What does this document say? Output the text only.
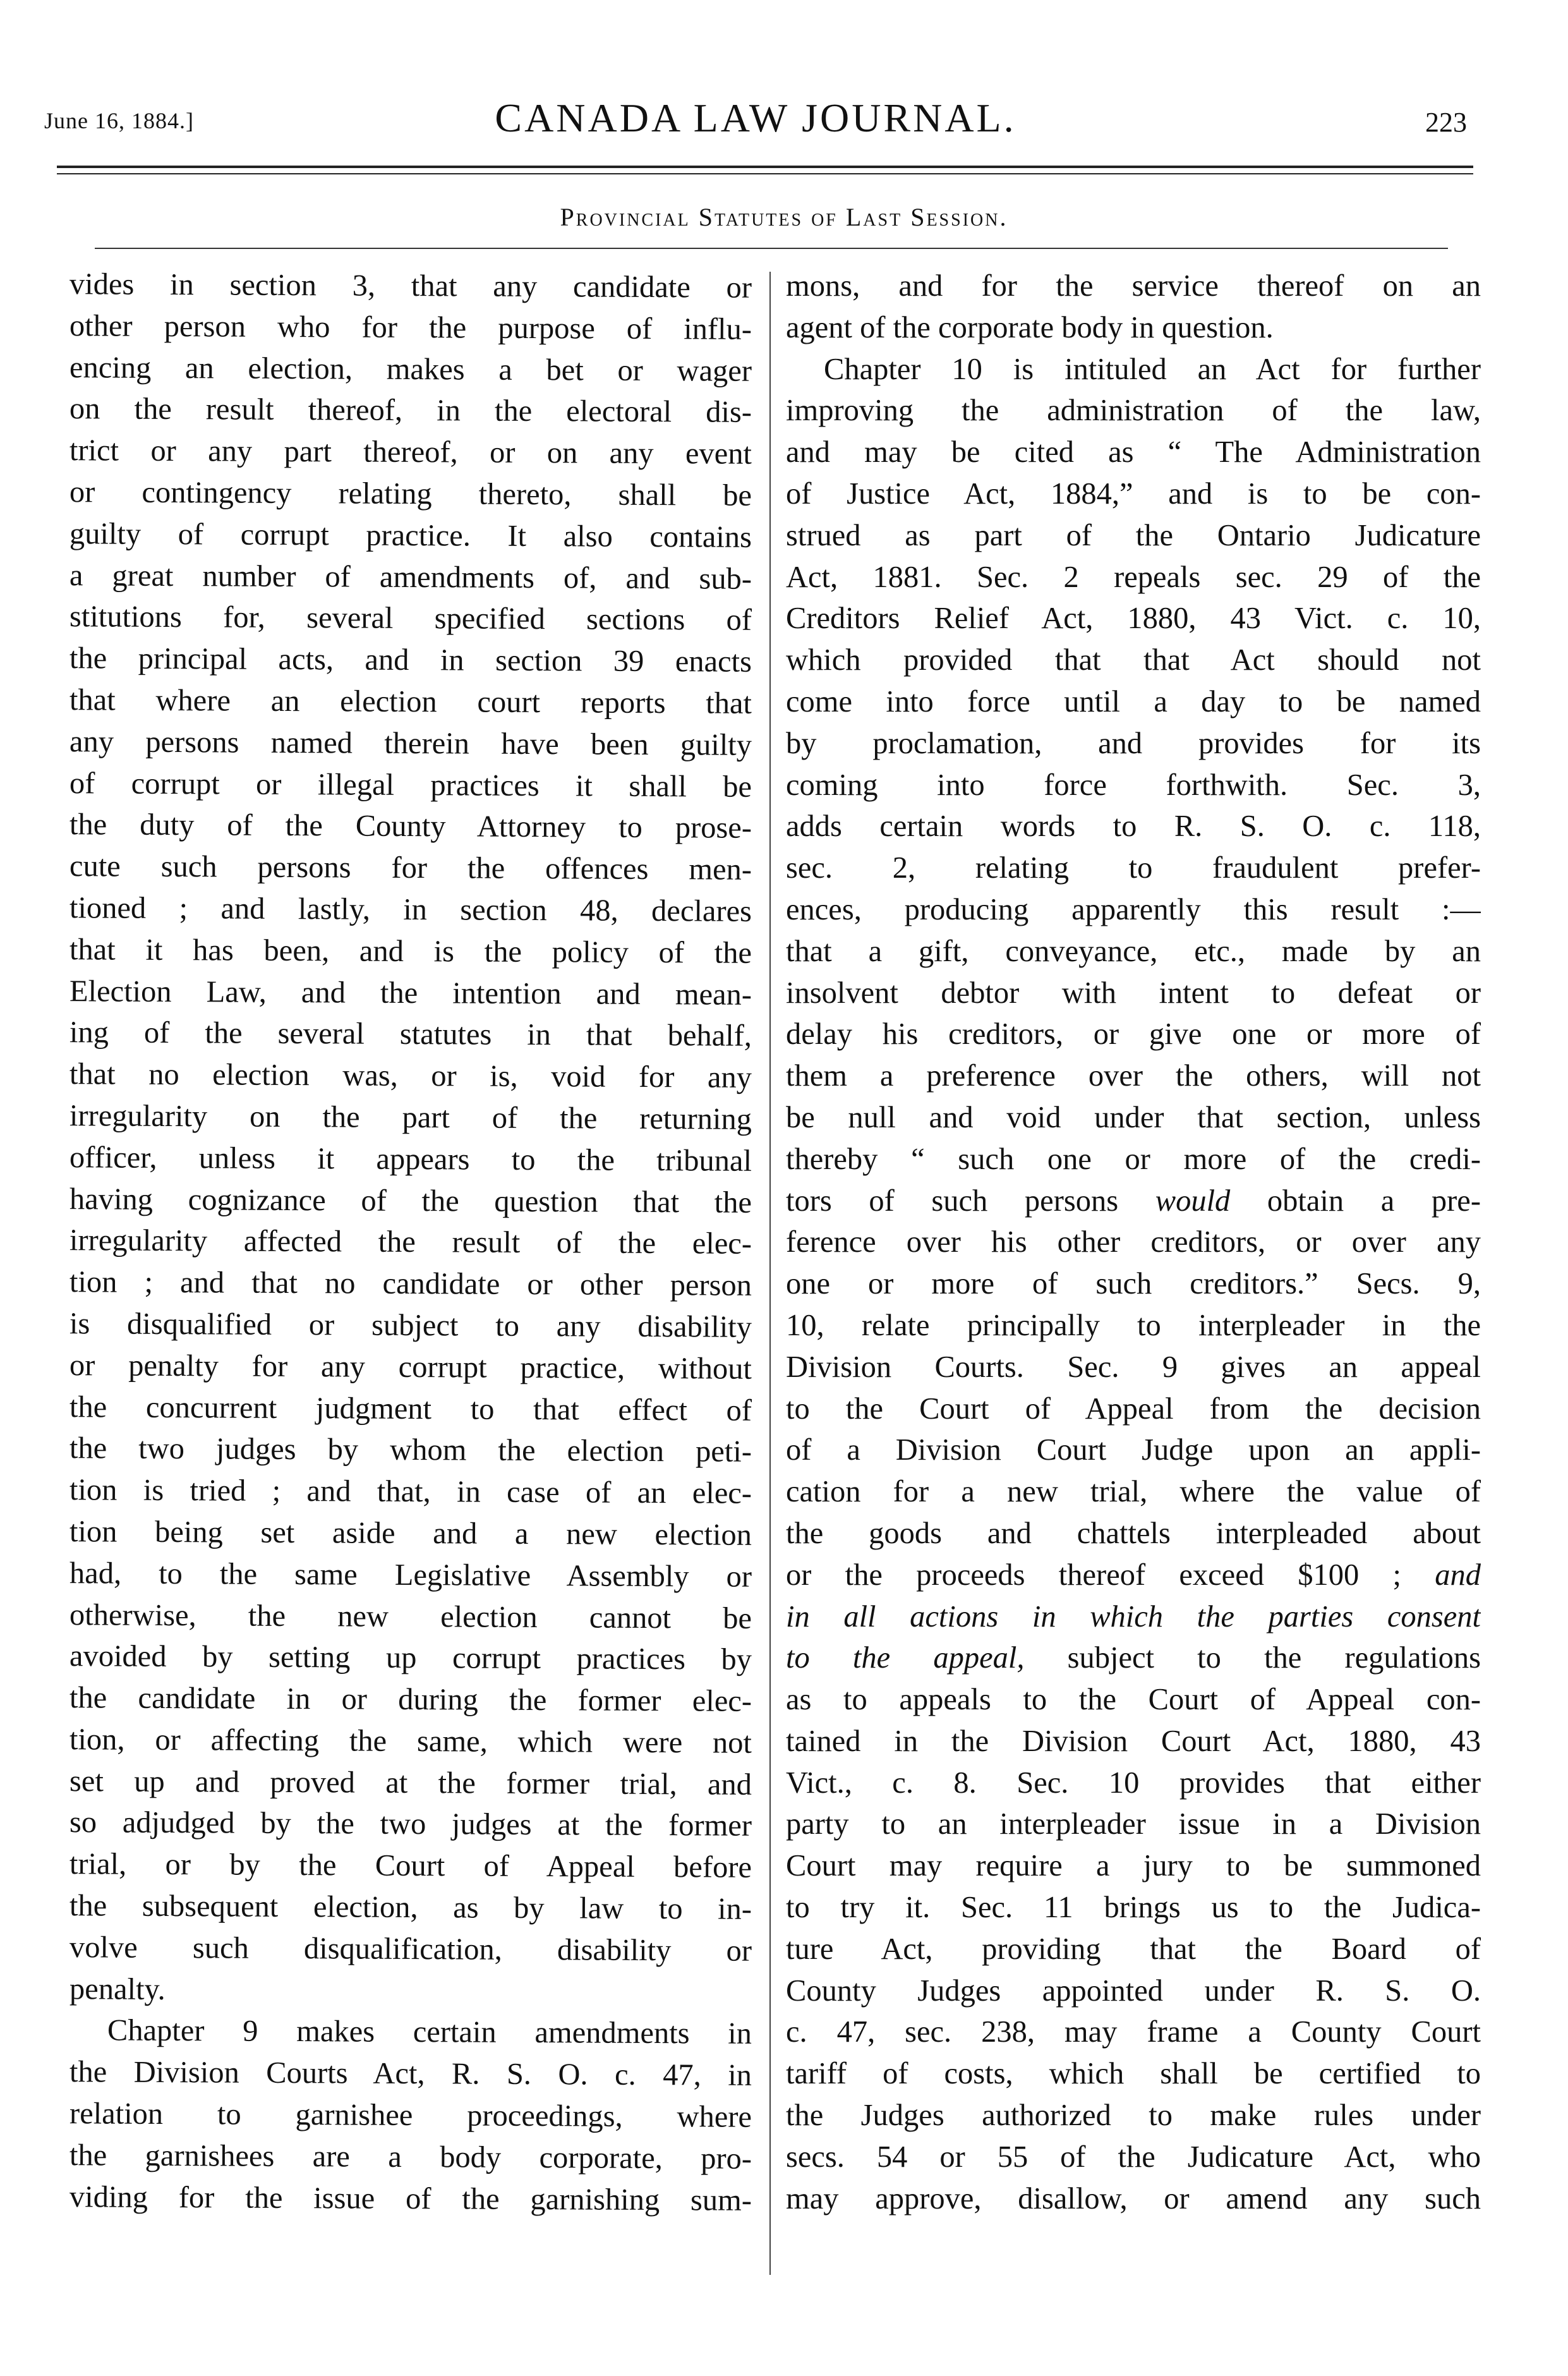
June 16, 1884.]	CANADA LAW JOURNAL.	223
Provincial Statutes of Last Session.
vides in section 3, that any candidate or
other person who for the purpose of influ-
encing an election, makes a bet or wager
on the result thereof, in the electoral dis-
trict or any part thereof, or on any event
or contingency relating thereto, shall be
guilty of corrupt practice. It also contains
a great number of amendments of, and sub-
stitutions for, several specified sections of
the principal acts, and in section 39 enacts
that where an election court reports that
any persons named therein have been guilty
of corrupt or illegal practices it shall be
the duty of the County Attorney to prose-
cute such persons for the offences men-
tioned ; and lastly, in section 48, declares
that it has been, and is the policy of the
Election Law, and the intention and mean-
ing of the several statutes in that behalf,
that no election was, or is, void for any
irregularity on the part of the returning
officer, unless it appears to the tribunal
having cognizance of the question that the
irregularity affected the result of the elec-
tion ; and that no candidate or other person
is disqualified or subject to any disability
or penalty for any corrupt practice, without
the concurrent judgment to that effect of
the two judges by whom the election peti-
tion is tried ; and that, in case of an elec-
tion being set aside and a new election
had, to the same Legislative Assembly or
otherwise, the new election cannot be
avoided by setting up corrupt practices by
the candidate in or during the former elec-
tion, or affecting the same, which were not
set up and proved at the former trial, and
so adjudged by the two judges at the former
trial, or by the Court of Appeal before
the subsequent election, as by law to in-
volve such disqualification, disability or
penalty.
Chapter 9 makes certain amendments in
the Division Courts Act, R. S. O. c. 47, in
relation to garnishee proceedings, where
the garnishees are a body corporate, pro-
viding for the issue of the garnishing sum-
mons, and for the service thereof on an
agent of the corporate body in question.
Chapter 10 is intituled an Act for further
improving the administration of the law,
and may be cited as “ The Administration
of Justice Act, 1884,” and is to be con-
strued as part of the Ontario Judicature
Act, 1881. Sec. 2 repeals sec. 29 of the
Creditors Relief Act, 1880, 43 Vict. c. 10,
which provided that that Act should not
come into force until a day to be named
by proclamation, and provides for its
coming into force forthwith. Sec. 3,
adds certain words to R. S. O. c. 118,
sec. 2, relating to fraudulent prefer-
ences, producing apparently this result :—
that a gift, conveyance, etc., made by an
insolvent debtor with intent to defeat or
delay his creditors, or give one or more of
them a preference over the others, will not
be null and void under that section, unless
thereby “ such one or more of the credi-
tors of such persons would obtain a pre-
ference over his other creditors, or over any
one or more of such creditors.” Secs. 9,
10, relate principally to interpleader in the
Division Courts. Sec. 9 gives an appeal
to the Court of Appeal from the decision
of a Division Court Judge upon an appli-
cation for a new trial, where the value of
the goods and chattels interpleaded about
or the proceeds thereof exceed $100 ; and
in all actions in which the parties consent
to the appeal, subject to the regulations
as to appeals to the Court of Appeal con-
tained in the Division Court Act, 1880, 43
Vict., c. 8. Sec. 10 provides that either
party to an interpleader issue in a Division
Court may require a jury to be summoned
to try it. Sec. 11 brings us to the Judica-
ture Act, providing that the Board of
County Judges appointed under R. S. O.
c. 47, sec. 238, may frame a County Court
tariff of costs, which shall be certified to
the Judges authorized to make rules under
secs. 54 or 55 of the Judicature Act, who
may approve, disallow, or amend any such
